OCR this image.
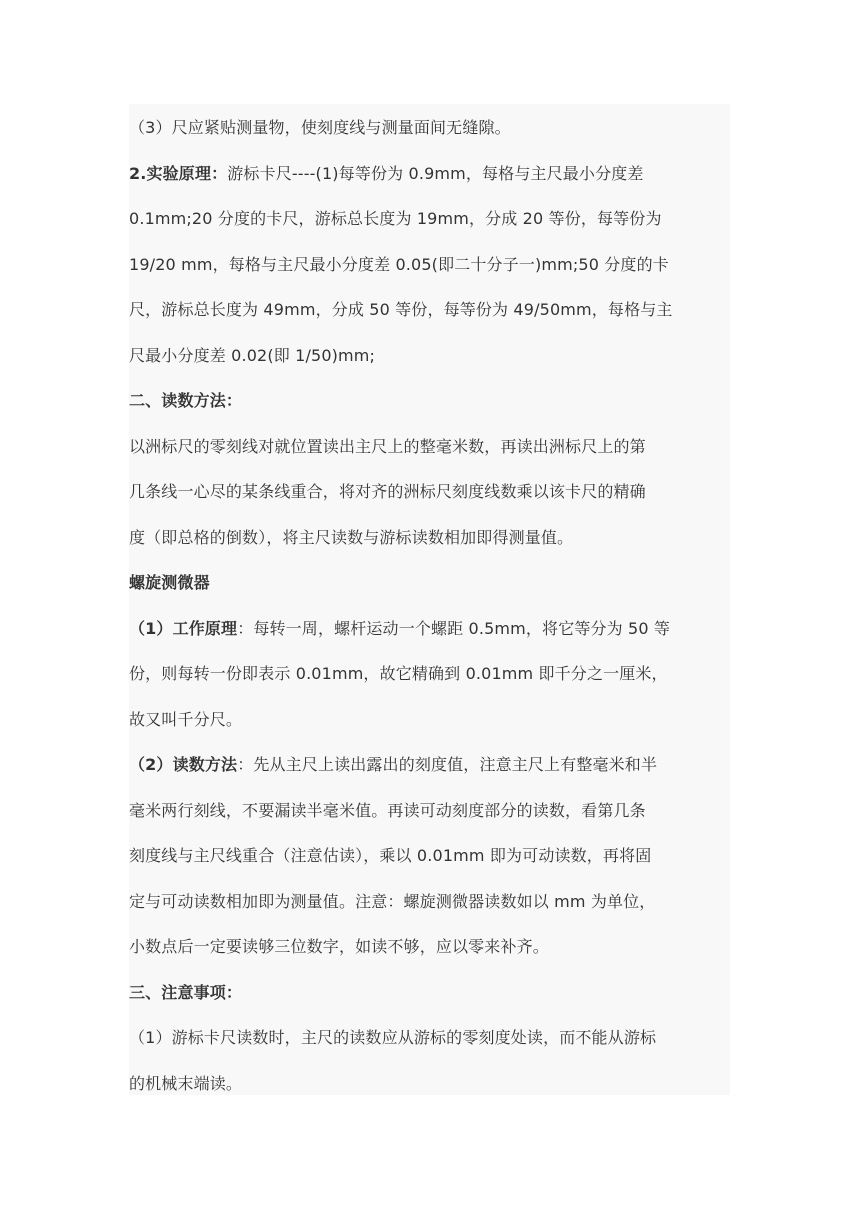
（3）尺应紧贴测量物，使刻度线与测量面间无缝隙。
2.实验原理：游标卡尺----(1)每等份为 0.9mm，每格与主尺最小分度差
0.1mm;20 分度的卡尺，游标总长度为 19mm，分成 20 等份，每等份为
19/20 mm，每格与主尺最小分度差 0.05(即二十分子一)mm;50 分度的卡
尺，游标总长度为 49mm，分成 50 等份，每等份为 49/50mm，每格与主
尺最小分度差 0.02(即 1/50)mm;
二、读数方法：
以洲标尺的零刻线对就位置读出主尺上的整毫米数，再读出洲标尺上的第
几条线一心尽的某条线重合，将对齐的洲标尺刻度线数乘以该卡尺的精确
度（即总格的倒数），将主尺读数与游标读数相加即得测量值。
螺旋测微器
（1）工作原理：每转一周，螺杆运动一个螺距 0.5mm，将它等分为 50 等
份，则每转一份即表示 0.01mm，故它精确到 0.01mm 即千分之一厘米，
故又叫千分尺。
（2）读数方法：先从主尺上读出露出的刻度值，注意主尺上有整毫米和半
毫米两行刻线，不要漏读半毫米值。再读可动刻度部分的读数，看第几条
刻度线与主尺线重合（注意估读），乘以 0.01mm 即为可动读数，再将固
定与可动读数相加即为测量值。注意：螺旋测微器读数如以 mm 为单位，
小数点后一定要读够三位数字，如读不够，应以零来补齐。
三、注意事项：
（1）游标卡尺读数时，主尺的读数应从游标的零刻度处读，而不能从游标
的机械末端读。
